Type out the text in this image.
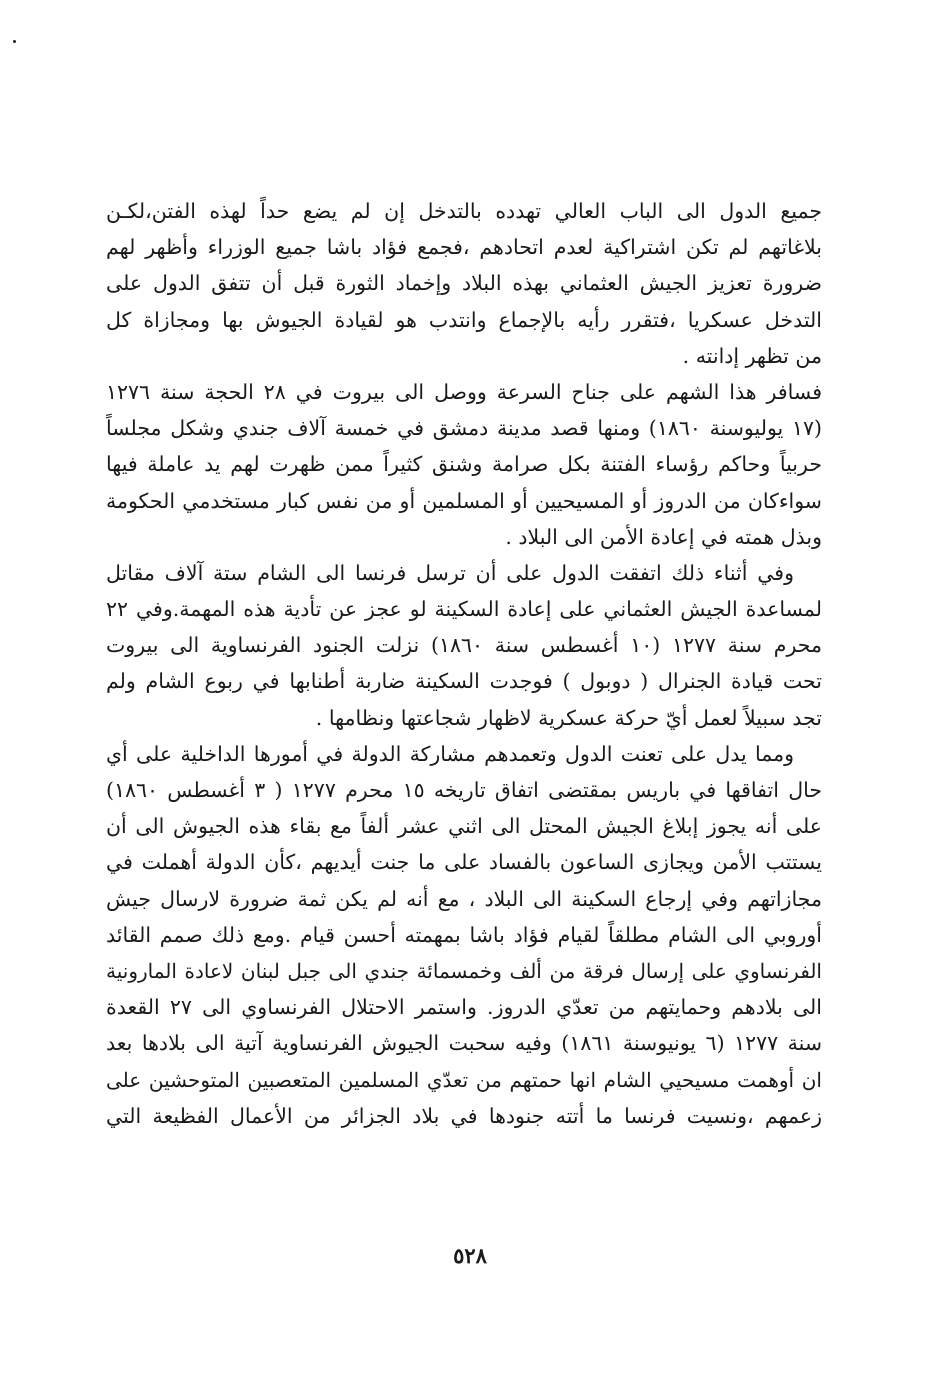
جميع الدول الى الباب العالي تهدده بالتدخل إن لم يضع حداً لهذه الفتن،لكـن
بلاغاتهم لم تكن اشتراكية لعدم اتحادهم ،فجمع فؤاد باشا جميع الوزراء وأظهر لهم
ضرورة تعزيز الجيش العثماني بهذه البلاد وإخماد الثورة قبل أن تتفق الدول على
التدخل عسكريا ،فتقرر رأيه بالإجماع وانتدب هو لقيادة الجيوش بها ومجازاة كل
من تظهر إدانته .
فسافر هذا الشهم على جناح السرعة ووصل الى بيروت في ٢٨ الحجة سنة ١٢٧٦
(١٧ يوليوسنة ١٨٦٠) ومنها قصد مدينة دمشق في خمسة آلاف جندي وشكل مجلساً
حربياً وحاكم رؤساء الفتنة بكل صرامة وشنق كثيراً ممن ظهرت لهم يد عاملة فيها
سواءكان من الدروز أو المسيحيين أو المسلمين أو من نفس كبار مستخدمي الحكومة
وبذل همته في إعادة الأمن الى البلاد .
وفي أثناء ذلك اتفقت الدول على أن ترسل فرنسا الى الشام ستة آلاف مقاتل
لمساعدة الجيش العثماني على إعادة السكينة لو عجز عن تأدية هذه المهمة.وفي ٢٢
محرم سنة ١٢٧٧ (١٠ أغسطس سنة ١٨٦٠) نزلت الجنود الفرنساوية الى بيروت
تحت قيادة الجنرال ( دوبول ) فوجدت السكينة ضاربة أطنابها في ربوع الشام ولم
تجد سبيلاً لعمل أيّ حركة عسكرية لاظهار شجاعتها ونظامها .
ومما يدل على تعنت الدول وتعمدهم مشاركة الدولة في أمورها الداخلية على أي
حال اتفاقها في باريس بمقتضى اتفاق تاريخه ١٥ محرم ١٢٧٧ ( ٣ أغسطس ١٨٦٠)
على أنه يجوز إبلاغ الجيش المحتل الى اثني عشر ألفاً مع بقاء هذه الجيوش الى أن
يستتب الأمن ويجازى الساعون بالفساد على ما جنت أيديهم ،كأن الدولة أهملت في
مجازاتهم وفي إرجاع السكينة الى البلاد ، مع أنه لم يكن ثمة ضرورة لارسال جيش
أوروبي الى الشام مطلقاً لقيام فؤاد باشا بمهمته أحسن قيام .ومع ذلك صمم القائد
الفرنساوي على إرسال فرقة من ألف وخمسمائة جندي الى جبل لبنان لاعادة المارونية
الى بلادهم وحمايتهم من تعدّي الدروز. واستمر الاحتلال الفرنساوي الى ٢٧ القعدة
سنة ١٢٧٧ (٦ يونيوسنة ١٨٦١) وفيه سحبت الجيوش الفرنساوية آتية الى بلادها بعد
ان أوهمت مسيحيي الشام انها حمتهم من تعدّي المسلمين المتعصبين المتوحشين على
زعمهم ،ونسيت فرنسا ما أتته جنودها في بلاد الجزائر من الأعمال الفظيعة التي
٥٢٨
